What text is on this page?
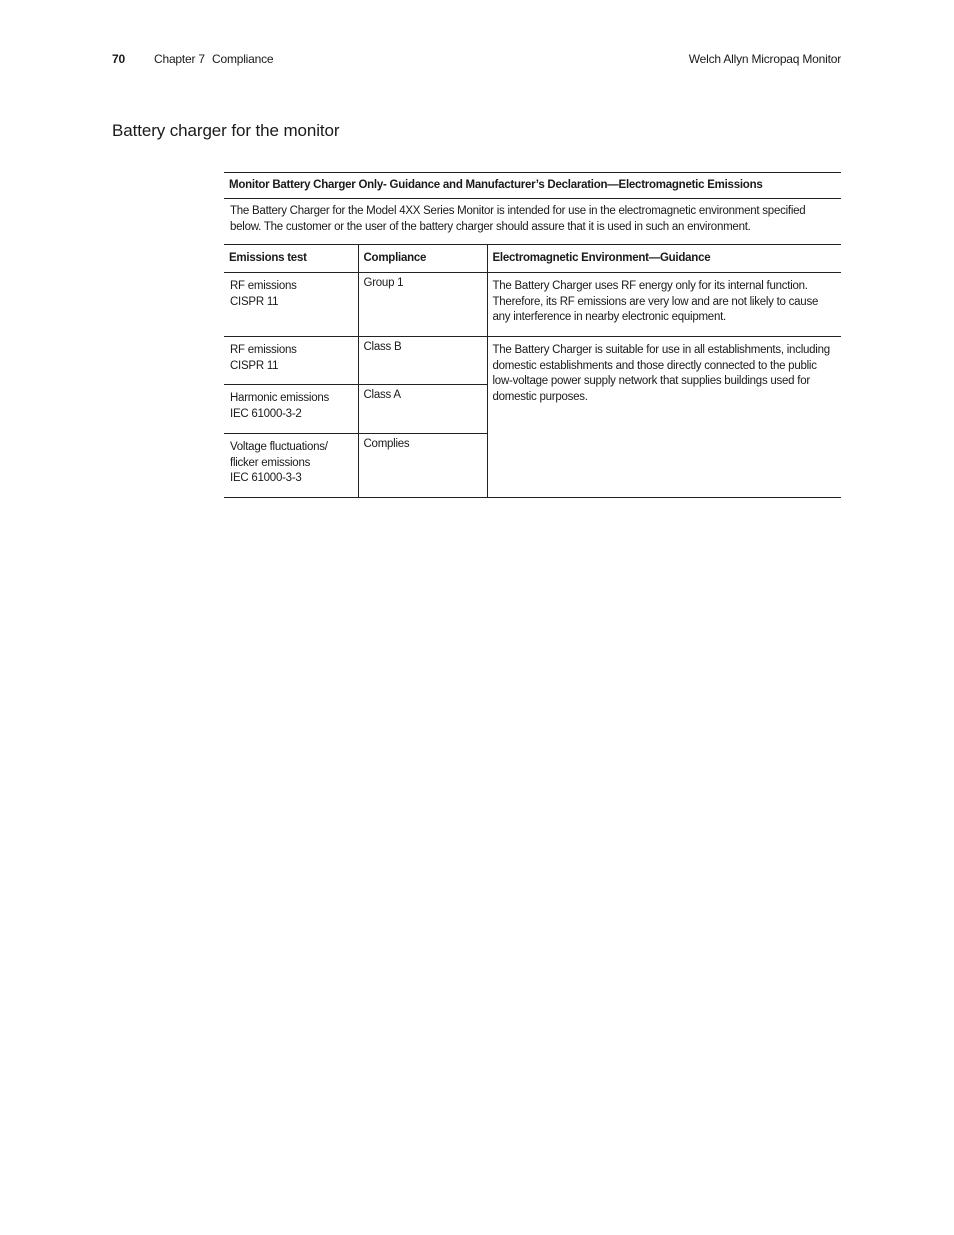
70 Chapter 7 Compliance	Welch Allyn Micropaq Monitor
Battery charger for the monitor
Monitor Battery Charger Only- Guidance and Manufacturer’s Declaration—Electromagnetic Emissions		
The Battery Charger for the Model 4XX Series Monitor is intended for use in the electromagnetic environment specified below. The customer or the user of the battery charger should assure that it is used in such an environment.		
Emissions test	Compliance	Electromagnetic Environment—Guidance

RF emissions
CISPR 11	Group 1	The Battery Charger uses RF energy only for its internal function. Therefore, its RF emissions are very low and are not likely to cause any interference in nearby electronic equipment.

RF emissions
CISPR 11	Class B	The Battery Charger is suitable for use in all establishments, including domestic establishments and those directly connected to the public low-voltage power supply network that supplies buildings used for domestic purposes.

Harmonic emissions
IEC 61000-3-2	Class A	

Voltage fluctuations/
flicker emissions
IEC 61000-3-3	Complies	
